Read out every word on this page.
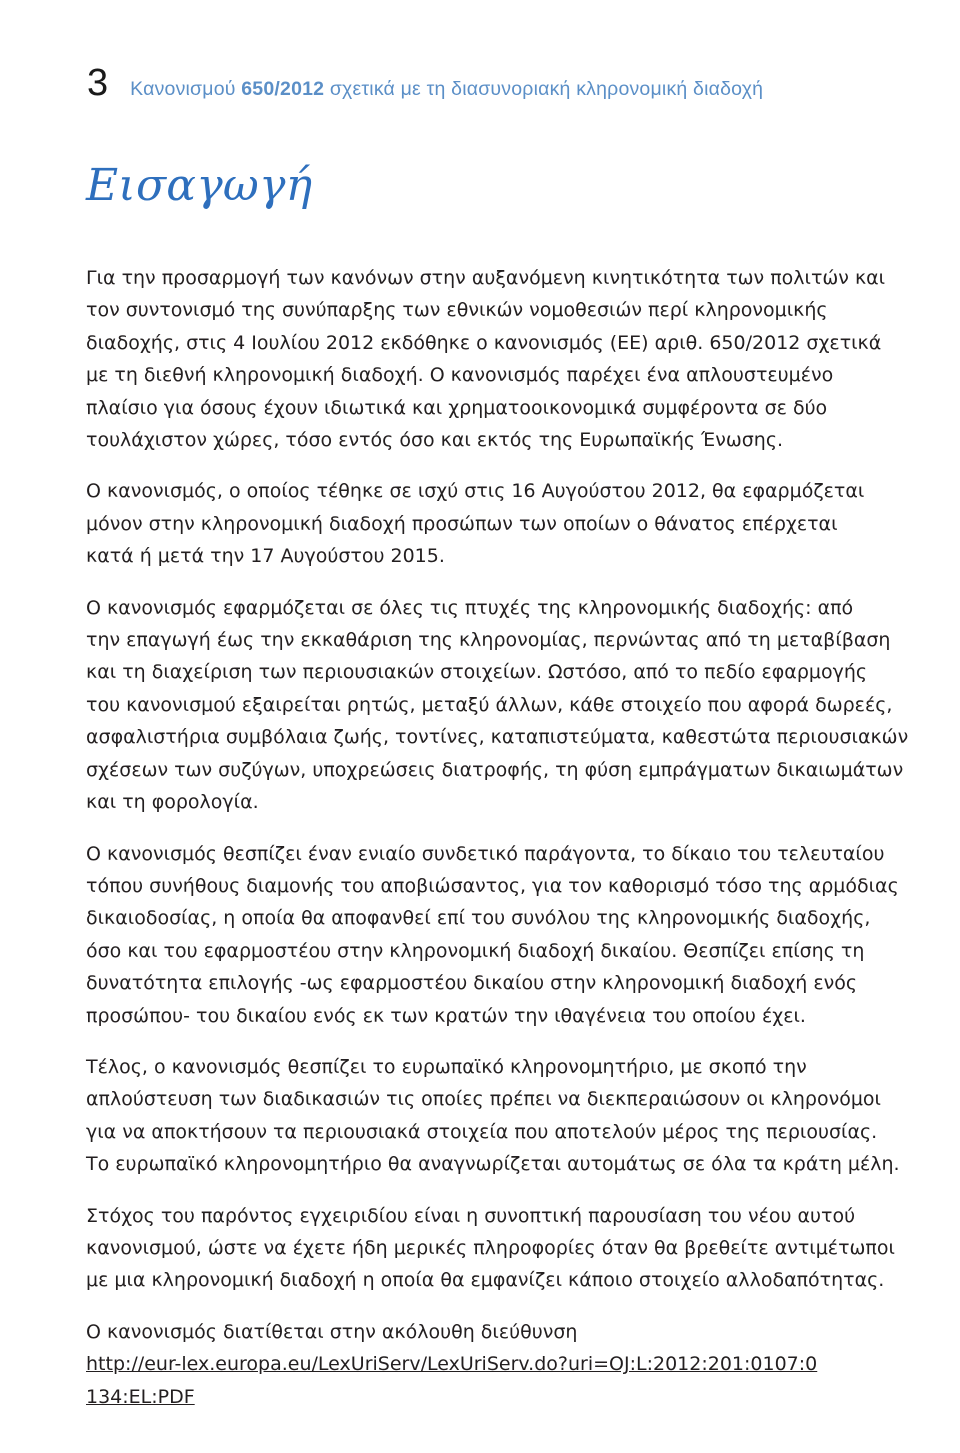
3 Κανονισμού 650/2012 σχετικά με τη διασυνοριακή κληρονομική διαδοχή
Εισαγωγή

Για την προσαρμογή των κανόνων στην αυξανόμενη κινητικότητα των πολιτών και
τον συντονισμό της συνύπαρξης των εθνικών νομοθεσιών περί κληρονομικής
διαδοχής, στις 4 Ιουλίου 2012 εκδόθηκε ο κανονισμός (ΕΕ) αριθ. 650/2012 σχετικά
με τη διεθνή κληρονομική διαδοχή. Ο κανονισμός παρέχει ένα απλουστευμένο
πλαίσιο για όσους έχουν ιδιωτικά και χρηματοοικονομικά συμφέροντα σε δύο
τουλάχιστον χώρες, τόσο εντός όσο και εκτός της Ευρωπαϊκής Ένωσης.

Ο κανονισμός, ο οποίος τέθηκε σε ισχύ στις 16 Αυγούστου 2012, θα εφαρμόζεται
μόνον στην κληρονομική διαδοχή προσώπων των οποίων ο θάνατος επέρχεται
κατά ή μετά την 17 Αυγούστου 2015.

Ο κανονισμός εφαρμόζεται σε όλες τις πτυχές της κληρονομικής διαδοχής: από
την επαγωγή έως την εκκαθάριση της κληρονομίας, περνώντας από τη μεταβίβαση
και τη διαχείριση των περιουσιακών στοιχείων. Ωστόσο, από το πεδίο εφαρμογής
του κανονισμού εξαιρείται ρητώς, μεταξύ άλλων, κάθε στοιχείο που αφορά δωρεές,
ασφαλιστήρια συμβόλαια ζωής, τοντίνες, καταπιστεύματα, καθεστώτα περιουσιακών
σχέσεων των συζύγων, υποχρεώσεις διατροφής, τη φύση εμπράγματων δικαιωμάτων
και τη φορολογία.

Ο κανονισμός θεσπίζει έναν ενιαίο συνδετικό παράγοντα, το δίκαιο του τελευταίου
τόπου συνήθους διαμονής του αποβιώσαντος, για τον καθορισμό τόσο της αρμόδιας
δικαιοδοσίας, η οποία θα αποφανθεί επί του συνόλου της κληρονομικής διαδοχής,
όσο και του εφαρμοστέου στην κληρονομική διαδοχή δικαίου. Θεσπίζει επίσης τη
δυνατότητα επιλογής -ως εφαρμοστέου δικαίου στην κληρονομική διαδοχή ενός
προσώπου- του δικαίου ενός εκ των κρατών την ιθαγένεια του οποίου έχει.

Τέλος, ο κανονισμός θεσπίζει το ευρωπαϊκό κληρονομητήριο, με σκοπό την
απλούστευση των διαδικασιών τις οποίες πρέπει να διεκπεραιώσουν οι κληρονόμοι
για να αποκτήσουν τα περιουσιακά στοιχεία που αποτελούν μέρος της περιουσίας.
Το ευρωπαϊκό κληρονομητήριο θα αναγνωρίζεται αυτομάτως σε όλα τα κράτη μέλη.

Στόχος του παρόντος εγχειριδίου είναι η συνοπτική παρουσίαση του νέου αυτού
κανονισμού, ώστε να έχετε ήδη μερικές πληροφορίες όταν θα βρεθείτε αντιμέτωποι
με μια κληρονομική διαδοχή η οποία θα εμφανίζει κάποιο στοιχείο αλλοδαπότητας.

Ο κανονισμός διατίθεται στην ακόλουθη διεύθυνση

http://eur-lex.europa.eu/LexUriServ/LexUriServ.do?uri=OJ:L:2012:201:0107:0
134:EL:PDF
